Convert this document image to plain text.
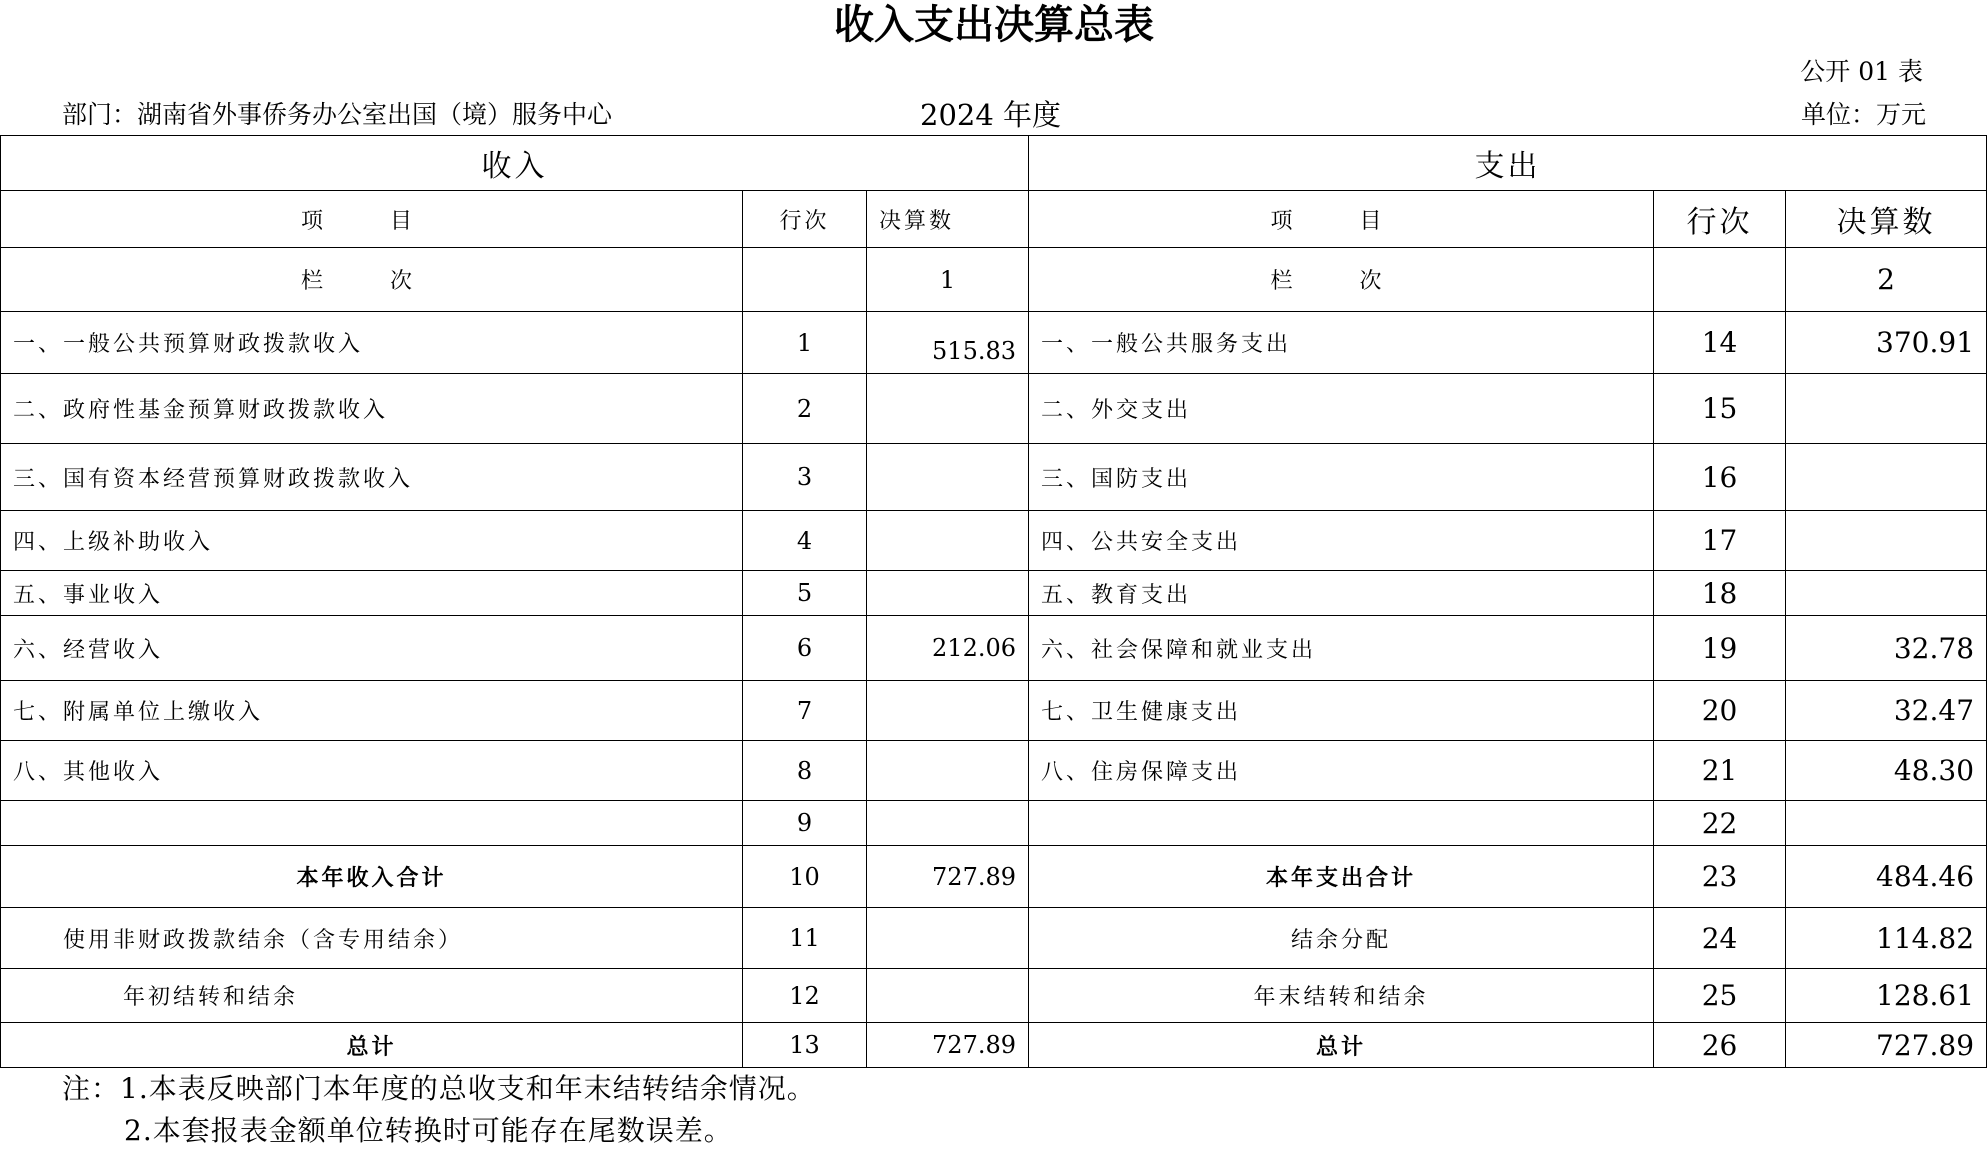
收入支出决算总表
公开 01 表
部门：湖南省外事侨务办公室出国（境）服务中心	2024 年度	单位：万元
收入			支出		
项 目	行次	决算数	项 目	行次	决算数
栏 次		1	栏 次		2
一、一般公共预算财政拨款收入	1	515.83	一、一般公共服务支出	14	370.91
二、政府性基金预算财政拨款收入	2		二、外交支出	15	
三、国有资本经营预算财政拨款收入	3		三、国防支出	16	
四、上级补助收入	4		四、公共安全支出	17	
五、事业收入	5		五、教育支出	18	
六、经营收入	6	212.06	六、社会保障和就业支出	19	32.78
七、附属单位上缴收入	7		七、卫生健康支出	20	32.47
八、其他收入	8		八、住房保障支出	21	48.30
	9			22	
本年收入合计	10	727.89	本年支出合计	23	484.46
使用非财政拨款结余（含专用结余）	11		结余分配	24	114.82
年初结转和结余	12		年末结转和结余	25	128.61
总计	13	727.89	总计	26	727.89
注：1.本表反映部门本年度的总收支和年末结转结余情况。
2.本套报表金额单位转换时可能存在尾数误差。
